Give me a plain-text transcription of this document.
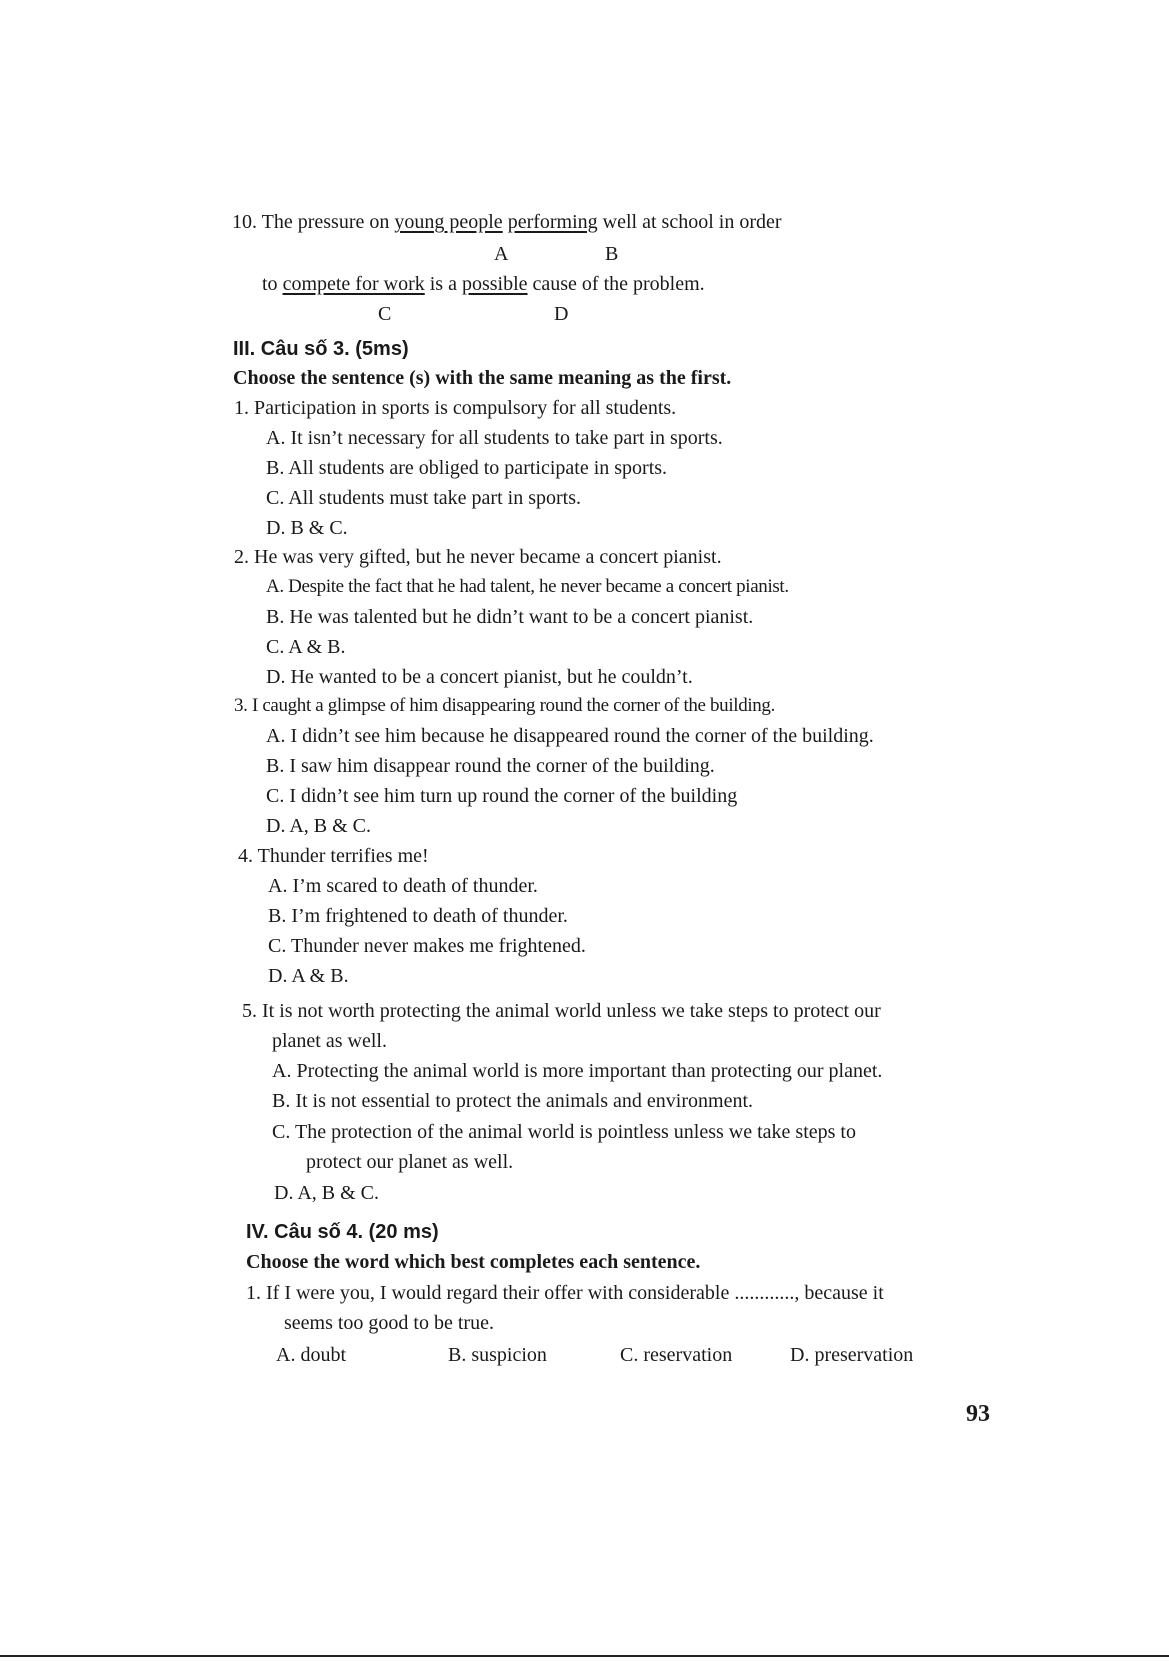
10. The pressure on young people performing well at school in order
A	B
to compete for work is a possible cause of the problem.
C	D
III. Câu số 3. (5ms)
Choose the sentence (s) with the same meaning as the first.
1. Participation in sports is compulsory for all students.
A. It isn’t necessary for all students to take part in sports.
B. All students are obliged to participate in sports.
C. All students must take part in sports.
D. B & C.
2. He was very gifted, but he never became a concert pianist.
A. Despite the fact that he had talent, he never became a concert pianist.
B. He was talented but he didn’t want to be a concert pianist.
C. A & B.
D. He wanted to be a concert pianist, but he couldn’t.
3. I caught a glimpse of him disappearing round the corner of the building.
A. I didn’t see him because he disappeared round the corner of the building.
B. I saw him disappear round the corner of the building.
C. I didn’t see him turn up round the corner of the building
D. A, B & C.
4. Thunder terrifies me!
A. I’m scared to death of thunder.
B. I’m frightened to death of thunder.
C. Thunder never makes me frightened.
D. A & B.
5. It is not worth protecting the animal world unless we take steps to protect our
planet as well.
A. Protecting the animal world is more important than protecting our planet.
B. It is not essential to protect the animals and environment.
C. The protection of the animal world is pointless unless we take steps to
protect our planet as well.
D. A, B & C.
IV. Câu số 4. (20 ms)
Choose the word which best completes each sentence.
1. If I were you, I would regard their offer with considerable ............, because it
seems too good to be true.
A. doubt	B. suspicion	C. reservation	D. preservation
93
